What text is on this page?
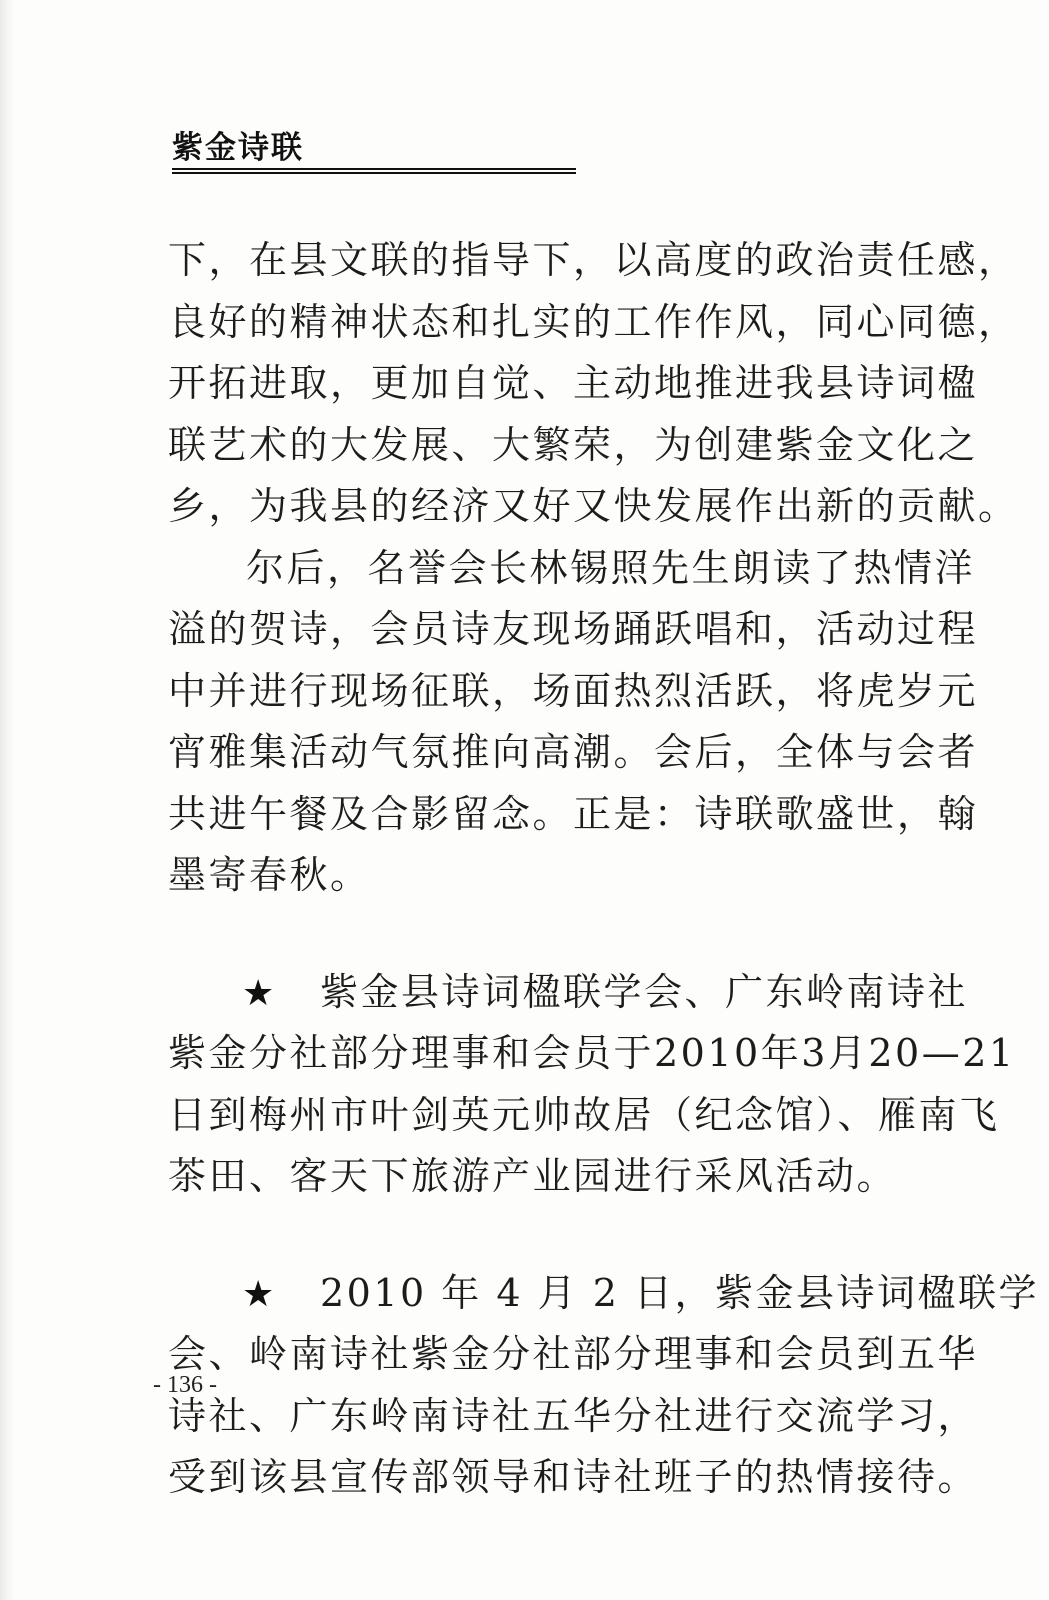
紫金诗联
下，在县文联的指导下，以高度的政治责任感，
良好的精神状态和扎实的工作作风，同心同德，
开拓进取，更加自觉、主动地推进我县诗词楹
联艺术的大发展、大繁荣，为创建紫金文化之
乡，为我县的经济又好又快发展作出新的贡献。
尔后，名誉会长林锡照先生朗读了热情洋
溢的贺诗，会员诗友现场踊跃唱和，活动过程
中并进行现场征联，场面热烈活跃，将虎岁元
宵雅集活动气氛推向高潮。会后，全体与会者
共进午餐及合影留念。正是：诗联歌盛世，翰
墨寄春秋。
★ 紫金县诗词楹联学会、广东岭南诗社
紫金分社部分理事和会员于2010年3月20—21
日到梅州市叶剑英元帅故居（纪念馆）、雁南飞
茶田、客天下旅游产业园进行采风活动。
★ 2010 年 4 月 2 日，紫金县诗词楹联学
会、岭南诗社紫金分社部分理事和会员到五华
诗社、广东岭南诗社五华分社进行交流学习，
受到该县宣传部领导和诗社班子的热情接待。
- 136 -
